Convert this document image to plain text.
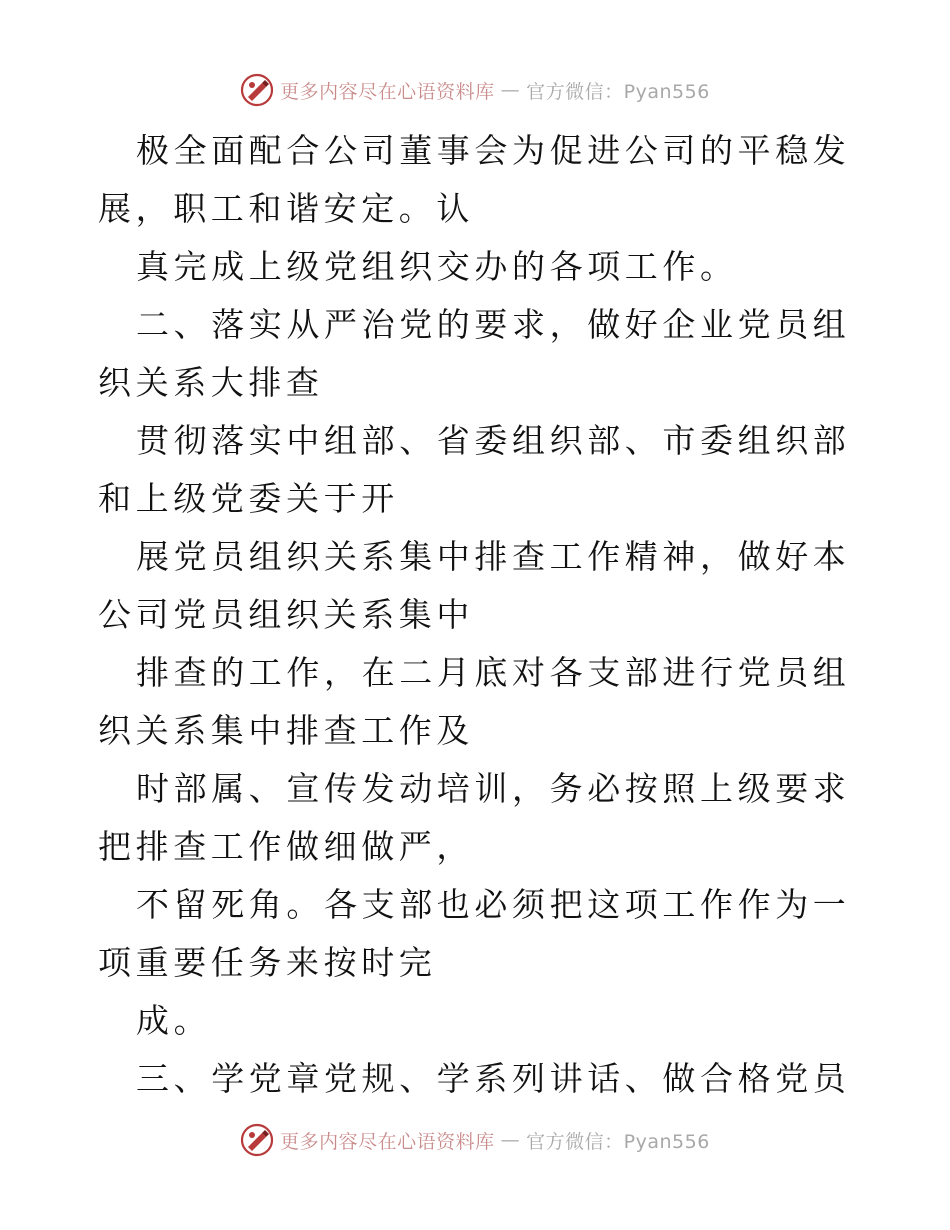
更多内容尽在心语资料库 — 官方微信：Pyan556

极全面配合公司董事会为促进公司的平稳发展，职工和谐安定。认

真完成上级党组织交办的各项工作。

二、落实从严治党的要求，做好企业党员组织关系大排查

贯彻落实中组部、省委组织部、市委组织部和上级党委关于开

展党员组织关系集中排查工作精神，做好本公司党员组织关系集中

排查的工作，在二月底对各支部进行党员组织关系集中排查工作及

时部属、宣传发动培训，务必按照上级要求把排查工作做细做严，

不留死角。各支部也必须把这项工作作为一项重要任务来按时完

成。

三、学党章党规、学系列讲话、做合格党员

更多内容尽在心语资料库 — 官方微信：Pyan556
